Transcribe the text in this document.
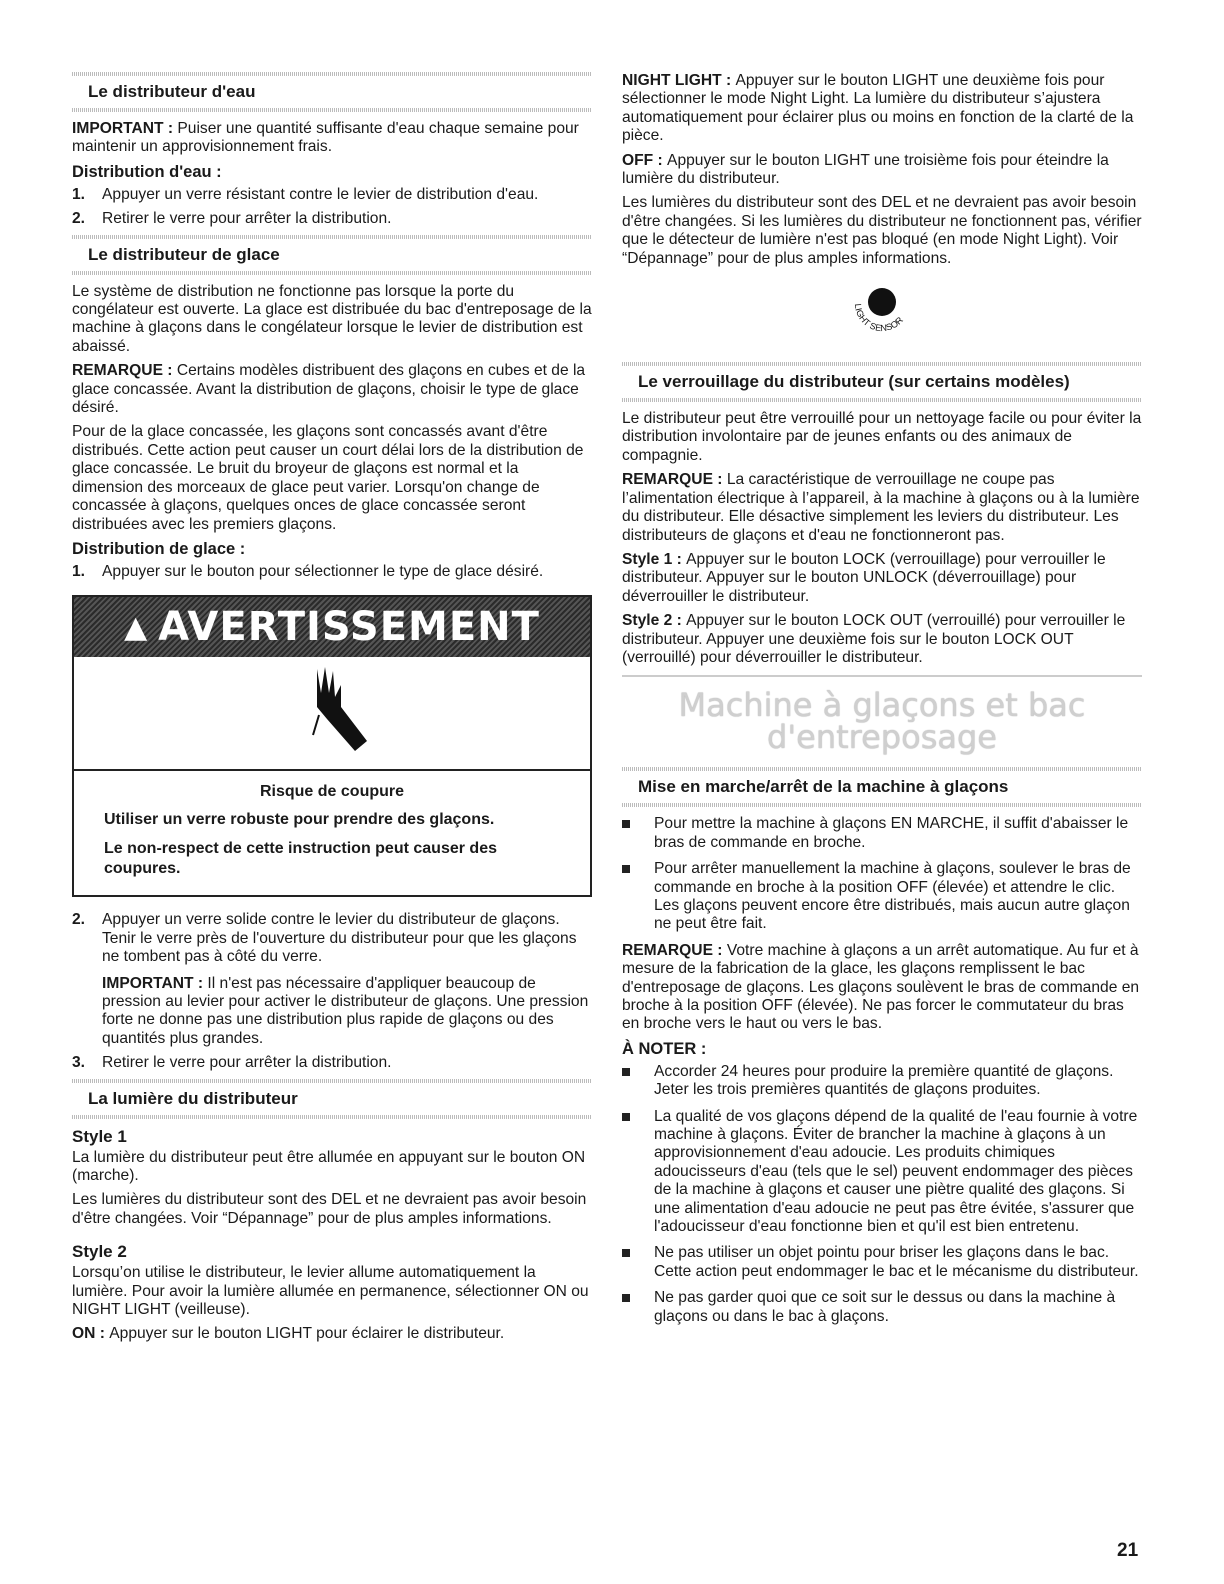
Le distributeur d'eau

IMPORTANT : Puiser une quantité suffisante d'eau chaque semaine pour maintenir un approvisionnement frais.

Distribution d'eau :
1. Appuyer un verre résistant contre le levier de distribution d'eau.
2. Retirer le verre pour arrêter la distribution.
Le distributeur de glace

Le système de distribution ne fonctionne pas lorsque la porte du congélateur est ouverte. La glace est distribuée du bac d'entreposage de la machine à glaçons dans le congélateur lorsque le levier de distribution est abaissé.

REMARQUE : Certains modèles distribuent des glaçons en cubes et de la glace concassée. Avant la distribution de glaçons, choisir le type de glace désiré.

Pour de la glace concassée, les glaçons sont concassés avant d'être distribués. Cette action peut causer un court délai lors de la distribution de glace concassée. Le bruit du broyeur de glaçons est normal et la dimension des morceaux de glace peut varier. Lorsqu'on change de concassée à glaçons, quelques onces de glace concassée seront distribuées avec les premiers glaçons.

Distribution de glace :
1. Appuyer sur le bouton pour sélectionner le type de glace désiré.
▲ AVERTISSEMENT
Risque de coupure
Utiliser un verre robuste pour prendre des glaçons.
Le non-respect de cette instruction peut causer des coupures.
2. Appuyer un verre solide contre le levier du distributeur de glaçons. Tenir le verre près de l'ouverture du distributeur pour que les glaçons ne tombent pas à côté du verre.
IMPORTANT : Il n'est pas nécessaire d'appliquer beaucoup de pression au levier pour activer le distributeur de glaçons. Une pression forte ne donne pas une distribution plus rapide de glaçons ou des quantités plus grandes.
3. Retirer le verre pour arrêter la distribution.
La lumière du distributeur
Style 1

La lumière du distributeur peut être allumée en appuyant sur le bouton ON (marche).

Les lumières du distributeur sont des DEL et ne devraient pas avoir besoin d'être changées. Voir “Dépannage” pour de plus amples informations.

Style 2

Lorsqu’on utilise le distributeur, le levier allume automatiquement la lumière. Pour avoir la lumière allumée en permanence, sélectionner ON ou NIGHT LIGHT (veilleuse).

ON : Appuyer sur le bouton LIGHT pour éclairer le distributeur.

NIGHT LIGHT : Appuyer sur le bouton LIGHT une deuxième fois pour sélectionner le mode Night Light. La lumière du distributeur s’ajustera automatiquement pour éclairer plus ou moins en fonction de la clarté de la pièce.

OFF : Appuyer sur le bouton LIGHT une troisième fois pour éteindre la lumière du distributeur.

Les lumières du distributeur sont des DEL et ne devraient pas avoir besoin d'être changées. Si les lumières du distributeur ne fonctionnent pas, vérifier que le détecteur de lumière n'est pas bloqué (en mode Night Light). Voir “Dépannage” pour de plus amples informations.

LIGHT SENSOR
Le verrouillage du distributeur (sur certains modèles)

Le distributeur peut être verrouillé pour un nettoyage facile ou pour éviter la distribution involontaire par de jeunes enfants ou des animaux de compagnie.

REMARQUE : La caractéristique de verrouillage ne coupe pas l’alimentation électrique à l’appareil, à la machine à glaçons ou à la lumière du distributeur. Elle désactive simplement les leviers du distributeur. Les distributeurs de glaçons et d'eau ne fonctionneront pas.

Style 1 : Appuyer sur le bouton LOCK (verrouillage) pour verrouiller le distributeur. Appuyer sur le bouton UNLOCK (déverrouillage) pour déverrouiller le distributeur.

Style 2 : Appuyer sur le bouton LOCK OUT (verrouillé) pour verrouiller le distributeur. Appuyer une deuxième fois sur le bouton LOCK OUT (verrouillé) pour déverrouiller le distributeur.

Machine à glaçons et bac
d'entreposage
Mise en marche/arrêt de la machine à glaçons
Pour mettre la machine à glaçons EN MARCHE, il suffit d'abaisser le bras de commande en broche.
Pour arrêter manuellement la machine à glaçons, soulever le bras de commande en broche à la position OFF (élevée) et attendre le clic. Les glaçons peuvent encore être distribués, mais aucun autre glaçon ne peut être fait.

REMARQUE : Votre machine à glaçons a un arrêt automatique. Au fur et à mesure de la fabrication de la glace, les glaçons remplissent le bac d'entreposage de glaçons. Les glaçons soulèvent le bras de commande en broche à la position OFF (élevée). Ne pas forcer le commutateur du bras en broche vers le haut ou vers le bas.

À NOTER :
Accorder 24 heures pour produire la première quantité de glaçons. Jeter les trois premières quantités de glaçons produites.
La qualité de vos glaçons dépend de la qualité de l'eau fournie à votre machine à glaçons. Éviter de brancher la machine à glaçons à un approvisionnement d'eau adoucie. Les produits chimiques adoucisseurs d'eau (tels que le sel) peuvent endommager des pièces de la machine à glaçons et causer une piètre qualité des glaçons. Si une alimentation d'eau adoucie ne peut pas être évitée, s'assurer que l'adoucisseur d'eau fonctionne bien et qu'il est bien entretenu.
Ne pas utiliser un objet pointu pour briser les glaçons dans le bac. Cette action peut endommager le bac et le mécanisme du distributeur.
Ne pas garder quoi que ce soit sur le dessus ou dans la machine à glaçons ou dans le bac à glaçons.
21
